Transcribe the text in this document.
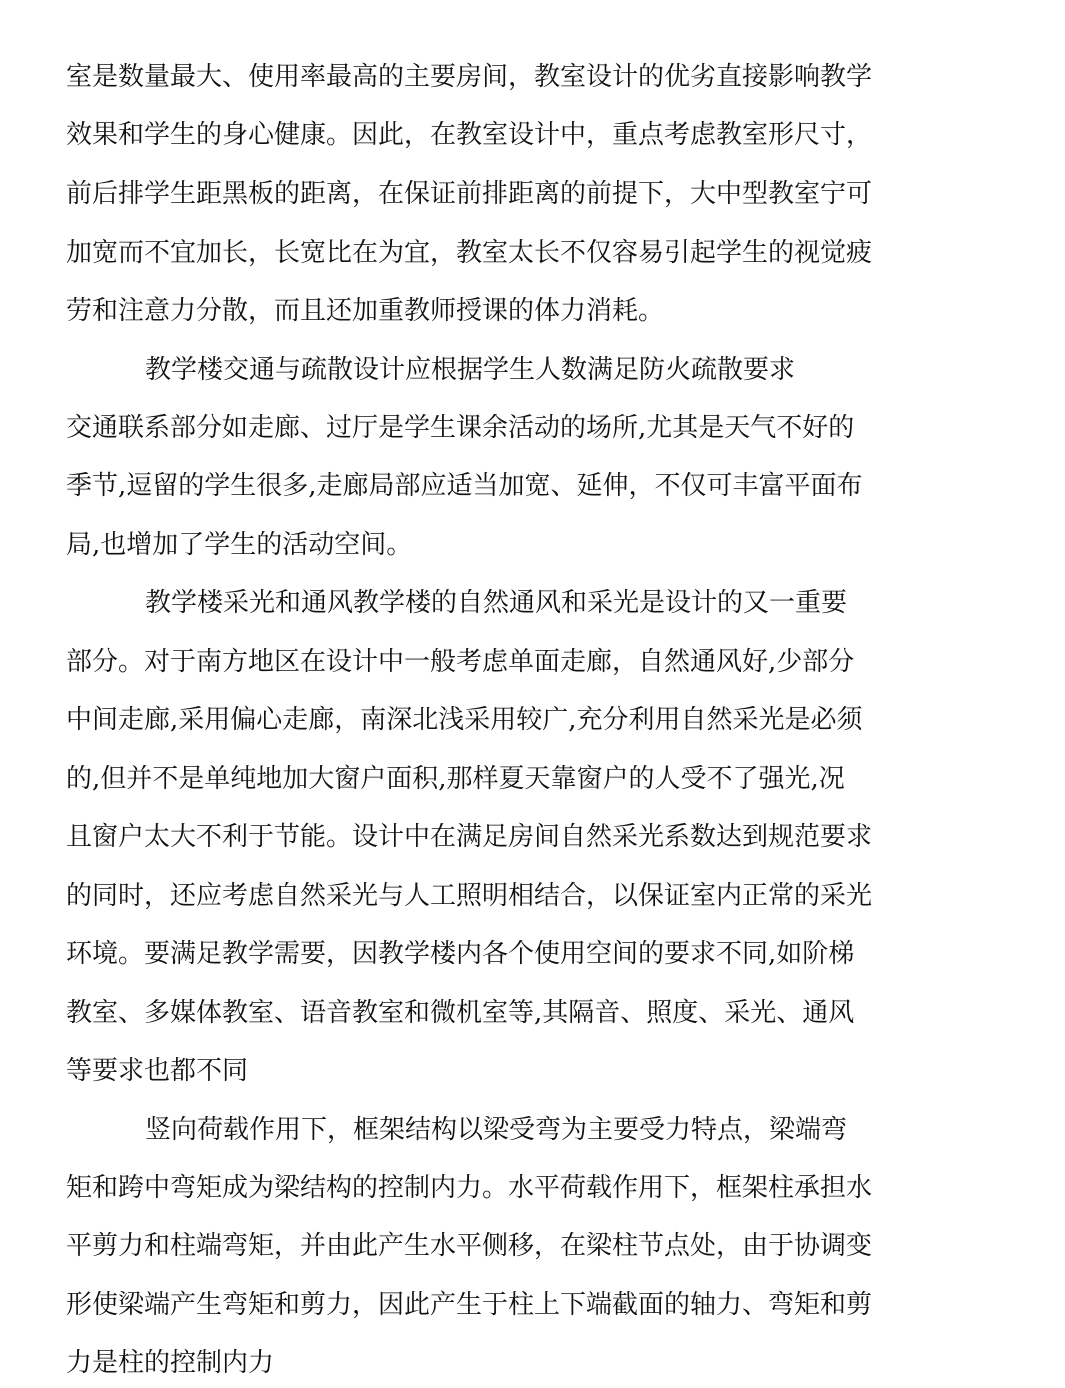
室是数量最大、使用率最高的主要房间，教室设计的优劣直接影响教学
效果和学生的身心健康。因此，在教室设计中，重点考虑教室形尺寸，
前后排学生距黑板的距离，在保证前排距离的前提下，大中型教室宁可
加宽而不宜加长，长宽比在为宜，教室太长不仅容易引起学生的视觉疲
劳和注意力分散，而且还加重教师授课的体力消耗。
教学楼交通与疏散设计应根据学生人数满足防火疏散要求
交通联系部分如走廊、过厅是学生课余活动的场所,尤其是天气不好的
季节,逗留的学生很多,走廊局部应适当加宽、延伸，不仅可丰富平面布
局,也增加了学生的活动空间。
教学楼采光和通风教学楼的自然通风和采光是设计的又一重要
部分。对于南方地区在设计中一般考虑单面走廊，自然通风好,少部分
中间走廊,采用偏心走廊，南深北浅采用较广,充分利用自然采光是必须
的,但并不是单纯地加大窗户面积,那样夏天靠窗户的人受不了强光,况
且窗户太大不利于节能。设计中在满足房间自然采光系数达到规范要求
的同时，还应考虑自然采光与人工照明相结合，以保证室内正常的采光
环境。要满足教学需要，因教学楼内各个使用空间的要求不同,如阶梯
教室、多媒体教室、语音教室和微机室等,其隔音、照度、采光、通风
等要求也都不同
竖向荷载作用下，框架结构以梁受弯为主要受力特点，梁端弯
矩和跨中弯矩成为梁结构的控制内力。水平荷载作用下，框架柱承担水
平剪力和柱端弯矩，并由此产生水平侧移，在梁柱节点处，由于协调变
形使梁端产生弯矩和剪力，因此产生于柱上下端截面的轴力、弯矩和剪
力是柱的控制内力
